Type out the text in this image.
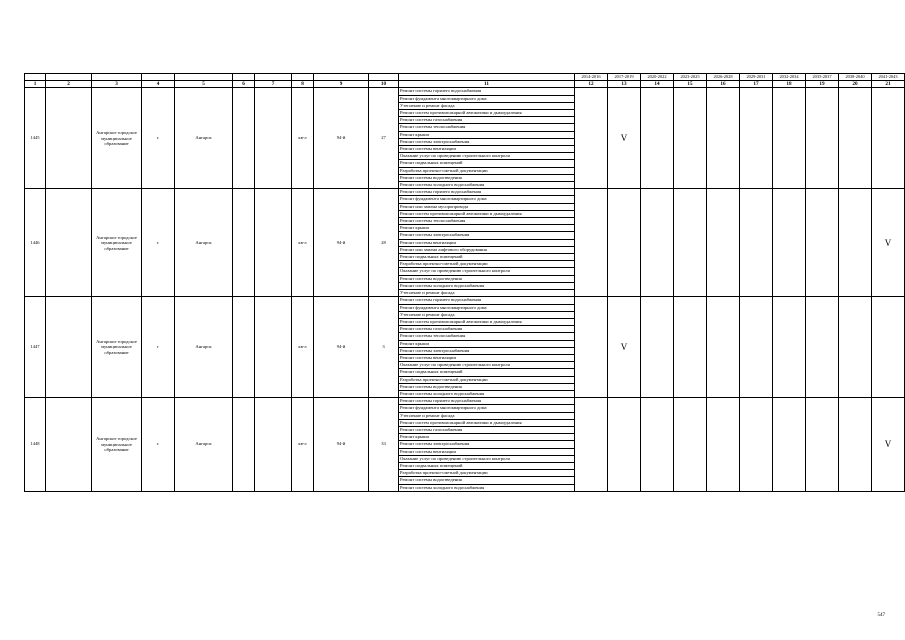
											2014-2016	2017-2019	2020-2022	2023-2025	2026-2028	2029-2031	2032-2034	2035-2037	2038-2040	2041-2043
1	2	3	4	5	6	7	8	9	10	11	12	13	14	15	16	17	18	19	20	21
1445		Ангарское городское муниципальное образование	г.	Ангарск			кв-л	94-й	27	Ремонт системы горячего водоснабжения		V								
										Ремонт фундамента многоквартирного дома										
										Утепление и ремонт фасада										
										Ремонт систем противопожарной автоматики и дымоудаления										
										Ремонт системы газоснабжения										
										Ремонт системы теплоснабжения										
										Ремонт крыши										
										Ремонт системы электроснабжения										
										Ремонт системы вентиляции										
										Оказание услуг по проведению строительного контроля										
										Ремонт подвальных помещений										
										Разработка проектно-сметной документации										
										Ремонт системы водоотведения										
										Ремонт системы холодного водоснабжения										
1446		Ангарское городское муниципальное образование	г.	Ангарск			кв-л	94-й	28	Ремонт системы горячего водоснабжения										V
										Ремонт фундамента многоквартирного дома										
										Ремонт или замена мусоропровода										
										Ремонт систем противопожарной автоматики и дымоудаления										
										Ремонт системы теплоснабжения										
										Ремонт крыши										
										Ремонт системы электроснабжения										
										Ремонт системы вентиляции										
										Ремонт или замена лифтового оборудования										
										Ремонт подвальных помещений										
										Разработка проектно-сметной документации										
										Оказание услуг по проведению строительного контроля										
										Ремонт системы водоотведения										
										Ремонт системы холодного водоснабжения										
										Утепление и ремонт фасада										
1447		Ангарское городское муниципальное образование	г	Ангарск			кв-л	94-й	3	Ремонт системы горячего водоснабжения		V								
										Ремонт фундамента многоквартирного дома										
										Утепление и ремонт фасада										
										Ремонт систем противопожарной автоматики и дымоудаления										
										Ремонт системы газоснабжения										
										Ремонт системы теплоснабжения										
										Ремонт крыши										
										Ремонт системы электроснабжения										
										Ремонт системы вентиляции										
										Оказание услуг по проведению строительного контроля										
										Ремонт подвальных помещений										
										Разработка проектно-сметной документации										
										Ремонт системы водоотведения										
										Ремонт системы холодного водоснабжения										
1448		Ангарское городское муниципальное образование	г.	Ангарск			кв-л	94-й	33	Ремонт системы горячего водоснабжения										V
										Ремонт фундамента многоквартирного дома										
										Утепление и ремонт фасада										
										Ремонт систем противопожарной автоматики и дымоудаления										
										Ремонт системы газоснабжения										
										Ремонт крыши										
										Ремонт системы электроснабжения										
										Ремонт системы вентиляции										
										Оказание услуг по проведению строительного контроля										
										Ремонт подвальных помещений										
										Разработка проектно-сметной документации										
										Ремонт системы водоотведения										
										Ремонт системы холодного водоснабжения										
547
